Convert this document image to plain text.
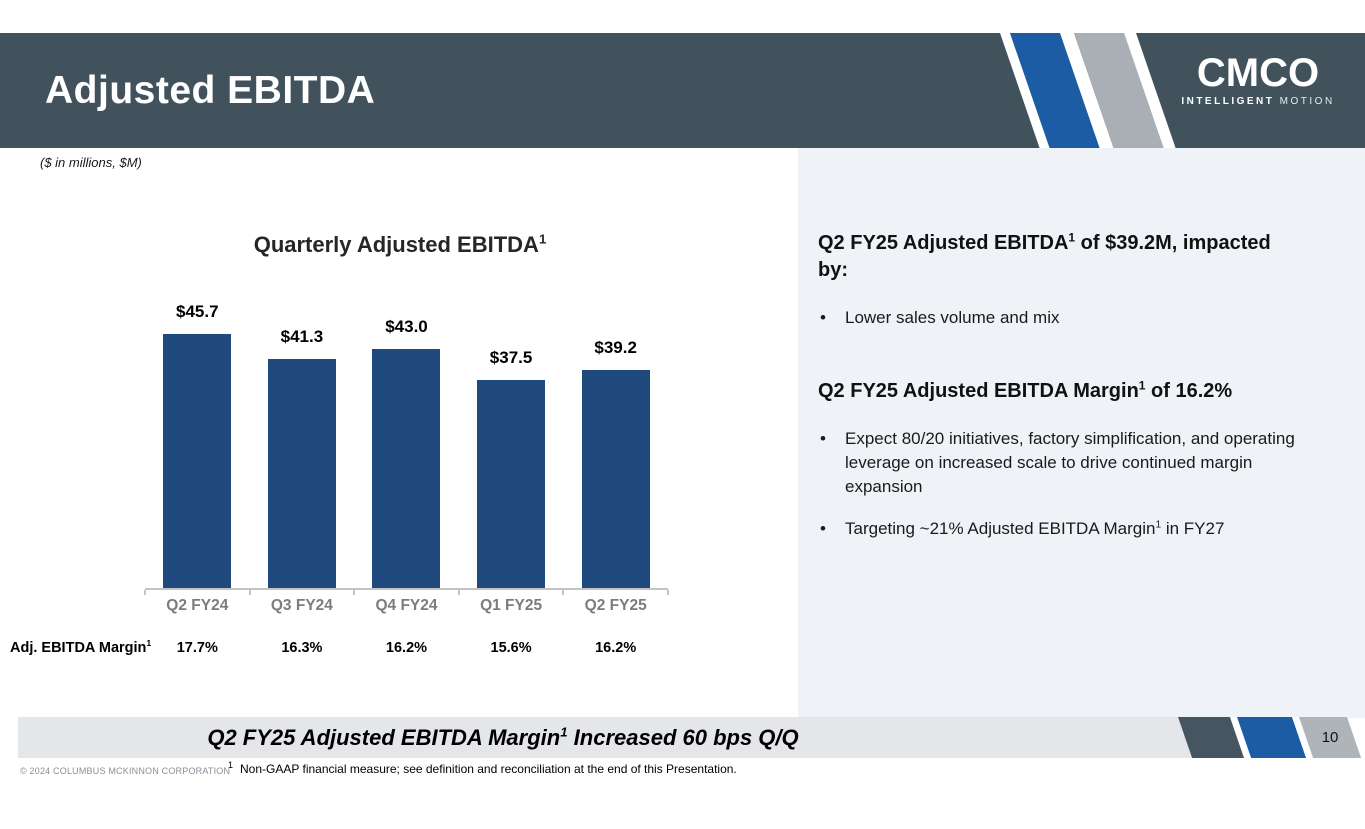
Adjusted EBITDA	CMCO
INTELLIGENT MOTION
($ in millions, $M)
Quarterly Adjusted EBITDA$^1$
$45.7
$41.3
$43.0
$37.5
$39.2
Q2 FY24	Q3 FY24	Q4 FY24	Q1 FY25	Q2 FY25
Adj. EBITDA Margin$^1$	17.7%	16.3%	16.2%	15.6%	16.2%
Q2 FY25 Adjusted EBITDA$^1$ of $39.2M, impacted by:
• Lower sales volume and mix
Q2 FY25 Adjusted EBITDA Margin$^1$ of 16.2%
• Expect 80/20 initiatives, factory simplification, and operating leverage on increased scale to drive continued margin expansion
• Targeting ~21% Adjusted EBITDA Margin$^1$ in FY27
Q2 FY25 Adjusted EBITDA Margin$^1$ Increased 60 bps Q/Q	10
© 2024 COLUMBUS MCKINNON CORPORATION
$^1$ Non-GAAP financial measure; see definition and reconciliation at the end of this Presentation.
